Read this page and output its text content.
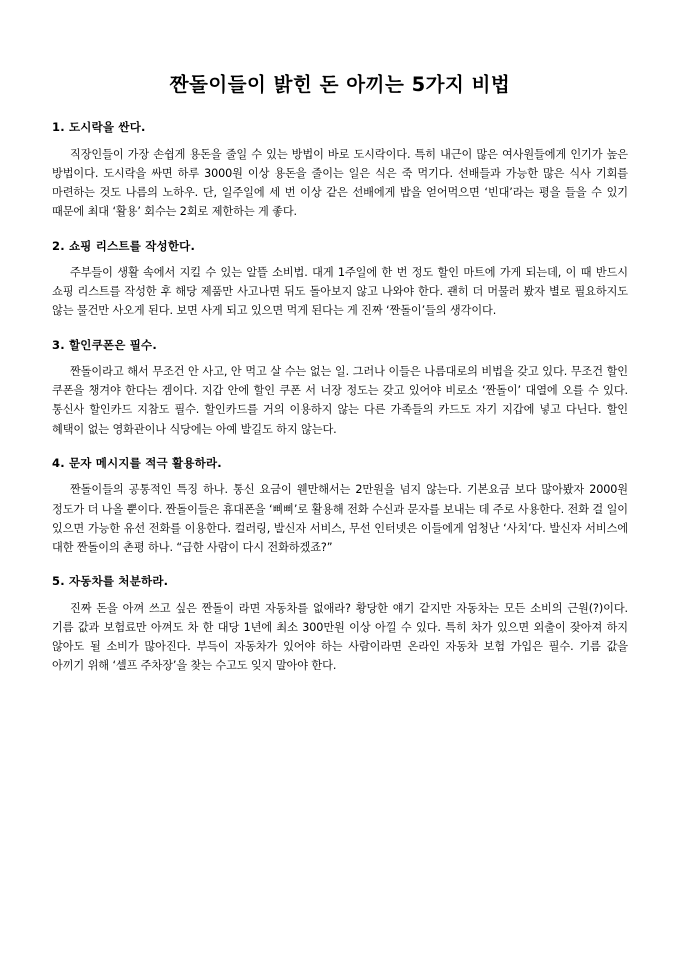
짠돌이들이 밝힌 돈 아끼는 5가지 비법
1. 도시락을 싼다.

직장인들이 가장 손쉽게 용돈을 줄일 수 있는 방법이 바로 도시락이다. 특히 내근이 많은 여사원들에게 인기가 높은 방법이다. 도시락을 싸면 하루 3000원 이상 용돈을 줄이는 일은 식은 죽 먹기다. 선배들과 가능한 많은 식사 기회를 마련하는 것도 나름의 노하우. 단, 일주일에 세 번 이상 같은 선배에게 밥을 얻어먹으면 ‘빈대’라는 평을 들을 수 있기 때문에 최대 ‘활용’ 회수는 2회로 제한하는 게 좋다.

2. 쇼핑 리스트를 작성한다.

주부들이 생활 속에서 지킬 수 있는 알뜰 소비법. 대게 1주일에 한 번 정도 할인 마트에 가게 되는데, 이 때 반드시 쇼핑 리스트를 작성한 후 해당 제품만 사고나면 뒤도 돌아보지 않고 나와야 한다. 괜히 더 머물러 봤자 별로 필요하지도 않는 물건만 사오게 된다. 보면 사게 되고 있으면 먹게 된다는 게 진짜 ‘짠돌이’들의 생각이다.

3. 할인쿠폰은 필수.

짠돌이라고 해서 무조건 안 사고, 안 먹고 살 수는 없는 일. 그러나 이들은 나름대로의 비법을 갖고 있다. 무조건 할인 쿠폰을 챙겨야 한다는 겜이다. 지갑 안에 할인 쿠폰 서 너장 정도는 갖고 있어야 비로소 ‘짠돌이’ 대열에 오를 수 있다. 통신사 할인카드 지참도 필수. 할인카드를 거의 이용하지 않는 다른 가족들의 카드도 자기 지갑에 넣고 다닌다. 할인 혜택이 없는 영화관이나 식당에는 아예 발길도 하지 않는다.

4. 문자 메시지를 적극 활용하라.

짠돌이들의 공통적인 특징 하나. 통신 요금이 웬만해서는 2만원을 넘지 않는다. 기본요금 보다 많아봤자 2000원 정도가 더 나올 뿐이다. 짠돌이들은 휴대폰을 ‘삐삐’로 활용해 전화 수신과 문자를 보내는 데 주로 사용한다. 전화 걸 일이 있으면 가능한 유선 전화를 이용한다. 컬러링, 발신자 서비스, 무선 인터넷은 이들에게 엄청난 ‘사치’다. 발신자 서비스에 대한 짠돌이의 촌평 하나. “급한 사람이 다시 전화하겠죠?”

5. 자동차를 처분하라.

진짜 돈을 아껴 쓰고 싶은 짠돌이 라면 자동차를 없애라? 황당한 얘기 같지만 자동차는 모든 소비의 근원(?)이다. 기름 값과 보험료만 아껴도 차 한 대당 1년에 최소 300만원 이상 아낄 수 있다. 특히 차가 있으면 외출이 잦아져 하지 않아도 될 소비가 많아진다. 부득이 자동차가 있어야 하는 사람이라면 온라인 자동차 보험 가입은 필수. 기름 값을 아끼기 위해 ‘셀프 주차장’을 찾는 수고도 잊지 말아야 한다.
